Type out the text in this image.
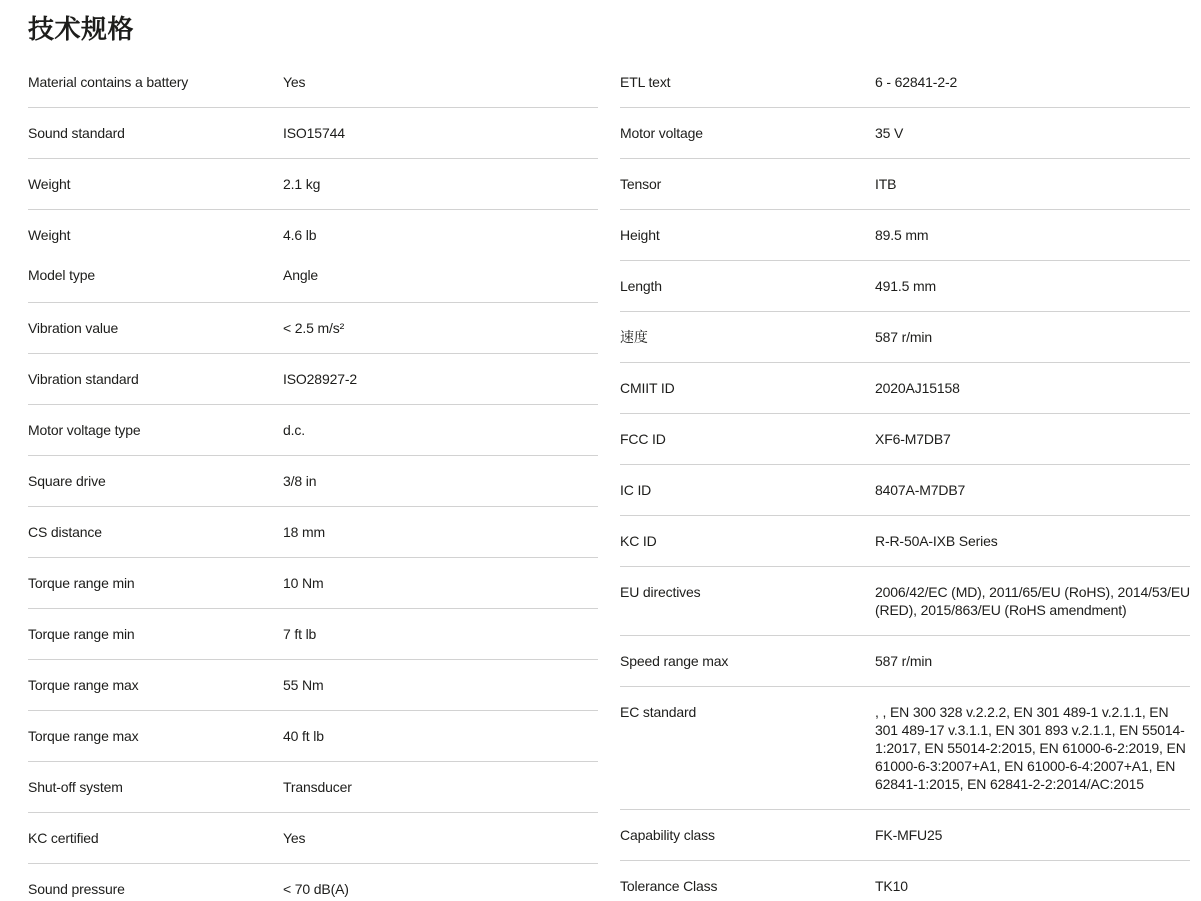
技术规格
Material contains a battery	Yes
Sound standard	ISO15744
Weight	2.1 kg
Weight	4.6 lb
Model type	Angle
Vibration value	< 2.5 m/s²
Vibration standard	ISO28927-2
Motor voltage type	d.c.
Square drive	3/8 in
CS distance	18 mm
Torque range min	10 Nm
Torque range min	7 ft lb
Torque range max	55 Nm
Torque range max	40 ft lb
Shut-off system	Transducer
KC certified	Yes
Sound pressure	< 70 dB(A)
ETL text	6 - 62841-2-2
Motor voltage	35 V
Tensor	ITB
Height	89.5 mm
Length	491.5 mm
速度	587 r/min
CMIIT ID	2020AJ15158
FCC ID	XF6-M7DB7
IC ID	8407A-M7DB7
KC ID	R-R-50A-IXB Series
EU directives	2006/42/EC (MD), 2011/65/EU (RoHS), 2014/53/EU (RED), 2015/863/EU (RoHS amendment)
Speed range max	587 r/min
EC standard	, , EN 300 328 v.2.2.2, EN 301 489-1 v.2.1.1, EN 301 489-17 v.3.1.1, EN 301 893 v.2.1.1, EN 55014-1:2017, EN 55014-2:2015, EN 61000-6-2:2019, EN 61000-6-3:2007+A1, EN 61000-6-4:2007+A1, EN 62841-1:2015, EN 62841-2-2:2014/AC:2015
Capability class	FK-MFU25
Tolerance Class	TK10
